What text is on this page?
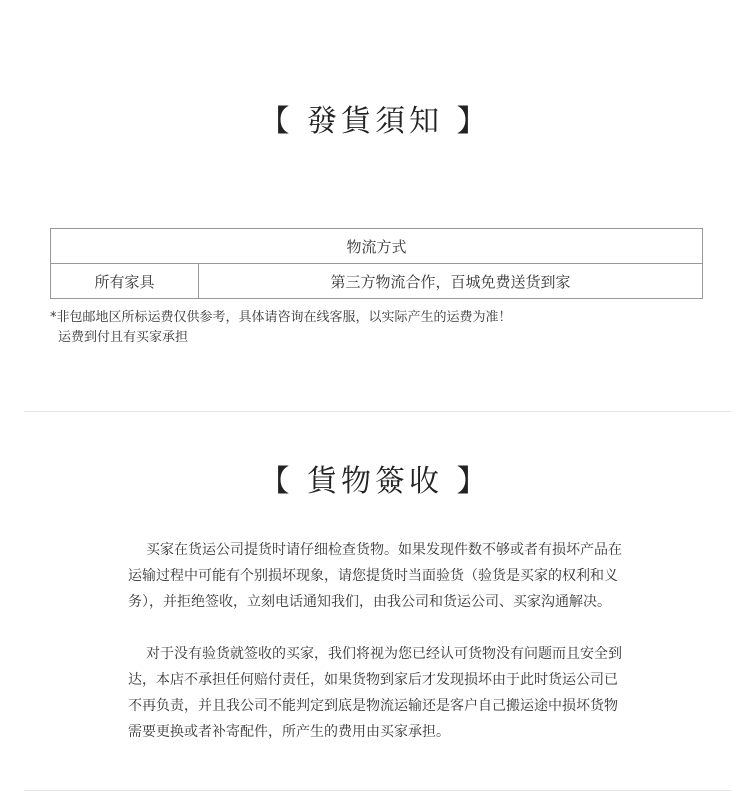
【 發貨須知 】
物流方式
所有家具	第三方物流合作，百城免费送货到家
*非包邮地区所标运费仅供参考，具体请咨询在线客服，以实际产生的运费为准！
运费到付且有买家承担
【 貨物簽收 】

买家在货运公司提货时请仔细检查货物。如果发现件数不够或者有损坏产品在运输过程中可能有个别损坏现象，请您提货时当面验货（验货是买家的权利和义务），并拒绝签收，立刻电话通知我们，由我公司和货运公司、买家沟通解决。

对于没有验货就签收的买家，我们将视为您已经认可货物没有问题而且安全到达，本店不承担任何赔付责任，如果货物到家后才发现损坏由于此时货运公司已不再负责，并且我公司不能判定到底是物流运输还是客户自己搬运途中损坏货物需要更换或者补寄配件，所产生的费用由买家承担。
